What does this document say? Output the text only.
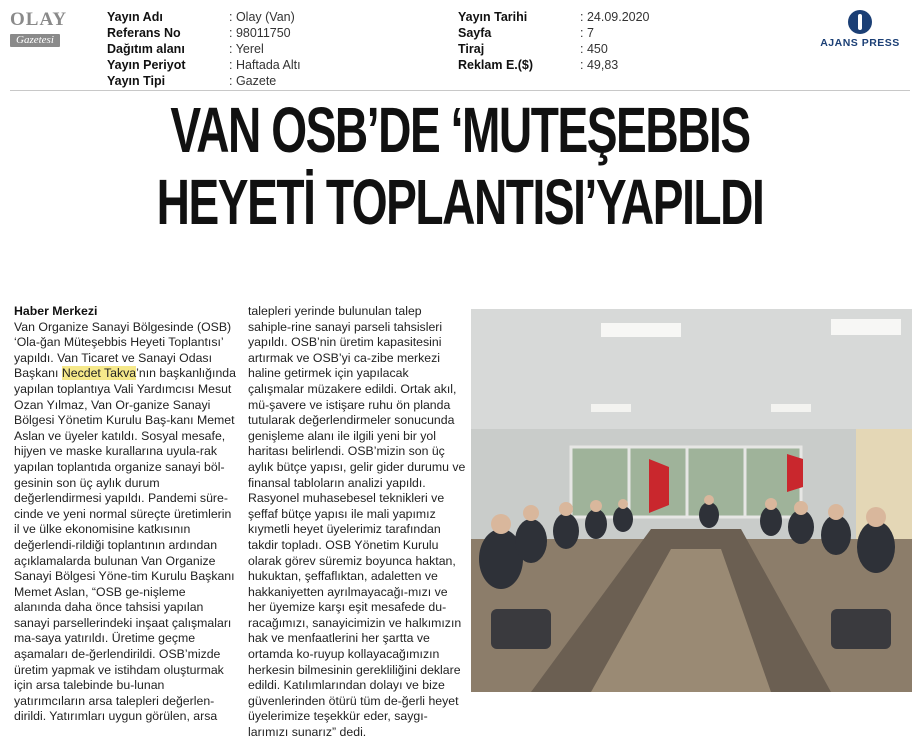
OLAY
Gazetesi
Yayın Adı	: Olay (Van)
Referans No	: 98011750
Dağıtım alanı	: Yerel
Yayın Periyot	: Haftada Altı
Yayın Tipi	: Gazete
Yayın Tarihi	: 24.09.2020
Sayfa	: 7
Tiraj	: 450
Reklam E.($)	: 49,83
AJANS PRESS
VAN OSB’DE ‘MUTEŞEBBIS
HEYETİ TOPLANTISI’YAPILDI

Haber Merkezi

Van Organize Sanayi Bölgesinde (OSB) ‘Ola-ğan Müteşebbis Heyeti Toplantısı’ yapıldı. Van Ticaret ve Sanayi Odası Başkanı Necdet Takva’nın başkanlığında yapılan toplantıya Vali Yardımcısı Mesut Ozan Yılmaz, Van Or-ganize Sanayi Bölgesi Yönetim Kurulu Baş-kanı Memet Aslan ve üyeler katıldı. Sosyal mesafe, hijyen ve maske kurallarına uyula-rak yapılan toplantıda organize sanayi böl-gesinin son üç aylık durum değerlendirmesi yapıldı. Pandemi süre-cinde ve yeni normal süreçte üretimlerin il ve ülke ekonomisine katkısının değerlendi-rildiği toplantının ardından açıklamalarda bulunan Van Organize Sanayi Bölgesi Yöne-tim Kurulu Başkanı Memet Aslan, “OSB ge-nişleme alanında daha önce tahsisi yapılan sanayi parsellerindeki inşaat çalışmaları ma-saya yatırıldı. Üretime geçme aşamaları de-ğerlendirildi. OSB’mizde üretim yapmak ve istihdam oluşturmak için arsa talebinde bu-lunan yatırımcıların arsa talepleri değerlen-dirildi. Yatırımları uygun görülen, arsa

talepleri yerinde bulunulan talep sahiple-rine sanayi parseli tahsisleri yapıldı. OSB’nin üretim kapasitesini artırmak ve OSB’yi ca-zibe merkezi haline getirmek için yapılacak çalışmalar müzakere edildi. Ortak akıl, mü-şavere ve istişare ruhu ön planda tutularak değerlendirmeler sonucunda genişleme alanı ile ilgili yeni bir yol haritası belirlendi. OSB’mizin son üç aylık bütçe yapısı, gelir gider durumu ve finansal tabloların analizi yapıldı. Rasyonel muhasebesel teknikleri ve şeffaf bütçe yapısı ile mali yapımız kıymetli heyet üyelerimiz tarafından takdir topladı. OSB Yönetim Kurulu olarak görev süremiz boyunca haktan, hukuktan, şeffaflıktan, adaletten ve hakkaniyetten ayrılmayacağı-mızı ve her üyemize karşı eşit mesafede du-racağımızı, sanayicimizin ve halkımızın hak ve menfaatlerini her şartta ve ortamda ko-ruyup kollayacağımızın herkesin bilmesinin gerekliliğini deklare edildi. Katılımlarından dolayı ve bize güvenlerinden ötürü tüm de-ğerli heyet üyelerimize teşekkür eder, saygı-larımızı sunarız” dedi.
